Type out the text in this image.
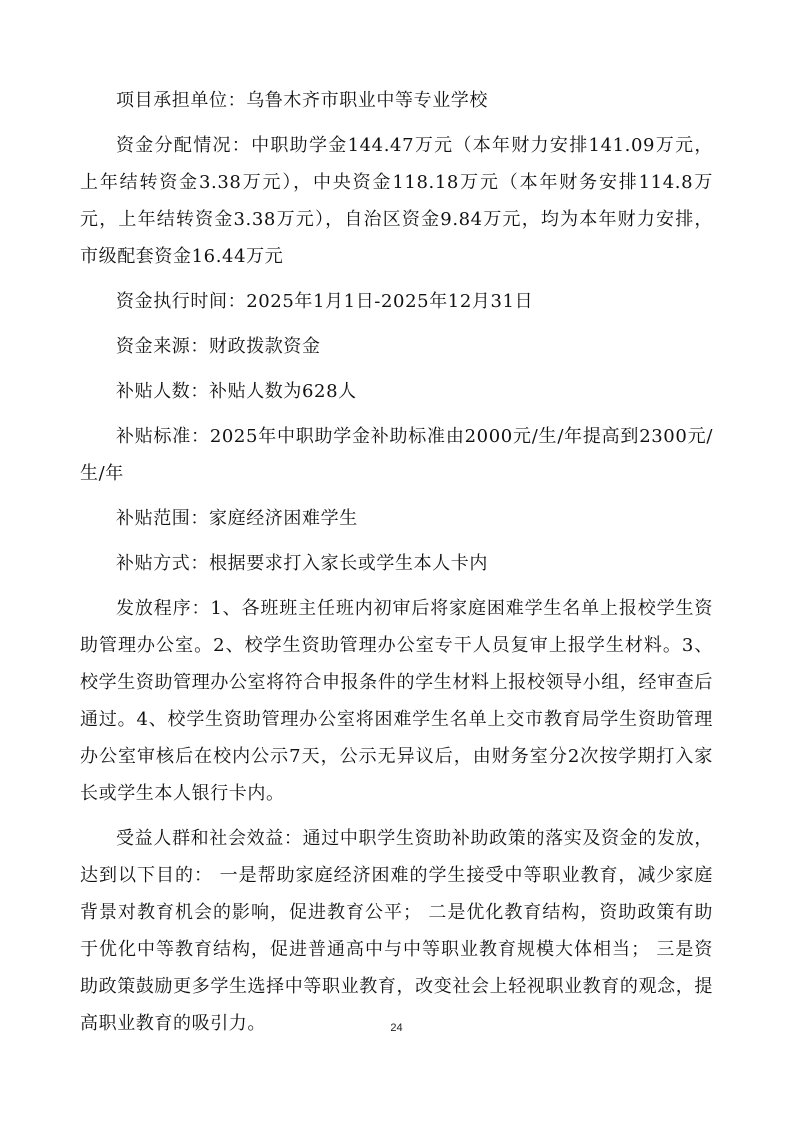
项目承担单位：乌鲁木齐市职业中等专业学校

资金分配情况：中职助学金144.47万元（本年财力安排141.09万元，上年结转资金3.38万元），中央资金118.18万元（本年财务安排114.8万元，上年结转资金3.38万元），自治区资金9.84万元，均为本年财力安排，市级配套资金16.44万元

资金执行时间：2025年1月1日-2025年12月31日

资金来源：财政拨款资金

补贴人数：补贴人数为628人

补贴标准：2025年中职助学金补助标准由2000元/生/年提高到2300元/生/年

补贴范围：家庭经济困难学生

补贴方式：根据要求打入家长或学生本人卡内

发放程序：1、各班班主任班内初审后将家庭困难学生名单上报校学生资助管理办公室。2、校学生资助管理办公室专干人员复审上报学生材料。3、校学生资助管理办公室将符合申报条件的学生材料上报校领导小组，经审查后通过。4、校学生资助管理办公室将困难学生名单上交市教育局学生资助管理办公室审核后在校内公示7天，公示无异议后，由财务室分2次按学期打入家长或学生本人银行卡内。

受益人群和社会效益：通过中职学生资助补助政策的落实及资金的发放，达到以下目的： 一是帮助家庭经济困难的学生接受中等职业教育，减少家庭背景对教育机会的影响，促进教育公平； 二是优化教育结构，资助政策有助于优化中等教育结构，促进普通高中与中等职业教育规模大体相当； 三是资助政策鼓励更多学生选择中等职业教育，改变社会上轻视职业教育的观念，提高职业教育的吸引力。	24
